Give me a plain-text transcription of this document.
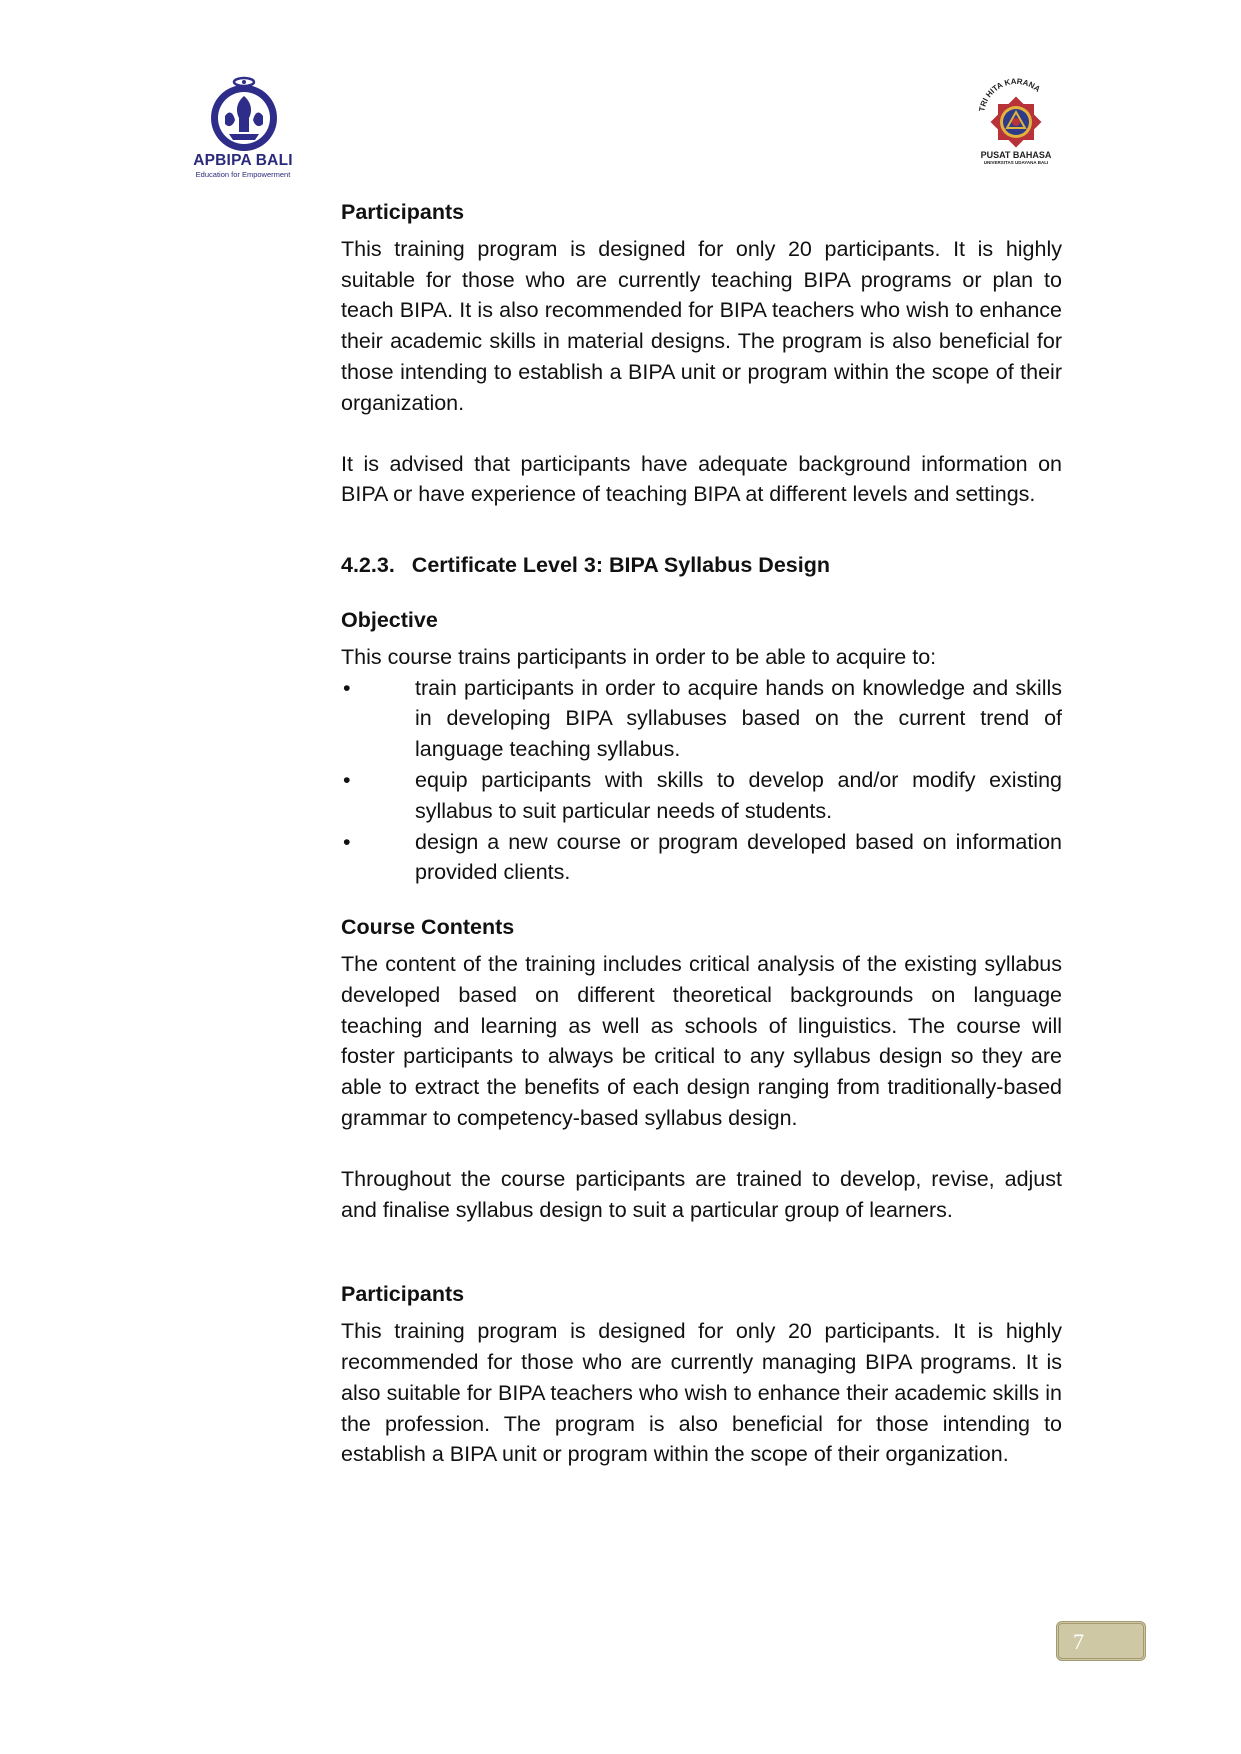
APBIPA BALI
Education for Empowerment
TRI HITA KARANA
PUSAT BAHASA
UNIVERSITAS UDAYANA BALI
Participants

This training program is designed for only 20 participants. It is highly suitable for those who are currently teaching BIPA programs or plan to teach BIPA. It is also recommended for BIPA teachers who wish to enhance their academic skills in material designs. The program is also beneficial for those intending to establish a BIPA unit or program within the scope of their organization.

It is advised that participants have adequate background information on BIPA or have experience of teaching BIPA at different levels and settings.

4.2.3. Certificate Level 3: BIPA Syllabus Design
Objective

This course trains participants in order to be able to acquire to:

•	train participants in order to acquire hands on knowledge and skills in developing BIPA syllabuses based on the current trend of language teaching syllabus.
•	equip participants with skills to develop and/or modify existing syllabus to suit particular needs of students.
•	design a new course or program developed based on information provided clients.
Course Contents

The content of the training includes critical analysis of the existing syllabus developed based on different theoretical backgrounds on language teaching and learning as well as schools of linguistics. The course will foster participants to always be critical to any syllabus design so they are able to extract the benefits of each design ranging from traditionally-based grammar to competency-based syllabus design.

Throughout the course participants are trained to develop, revise, adjust and finalise syllabus design to suit a particular group of learners.

Participants

This training program is designed for only 20 participants. It is highly recommended for those who are currently managing BIPA programs. It is also suitable for BIPA teachers who wish to enhance their academic skills in the profession. The program is also beneficial for those intending to establish a BIPA unit or program within the scope of their organization.

7
